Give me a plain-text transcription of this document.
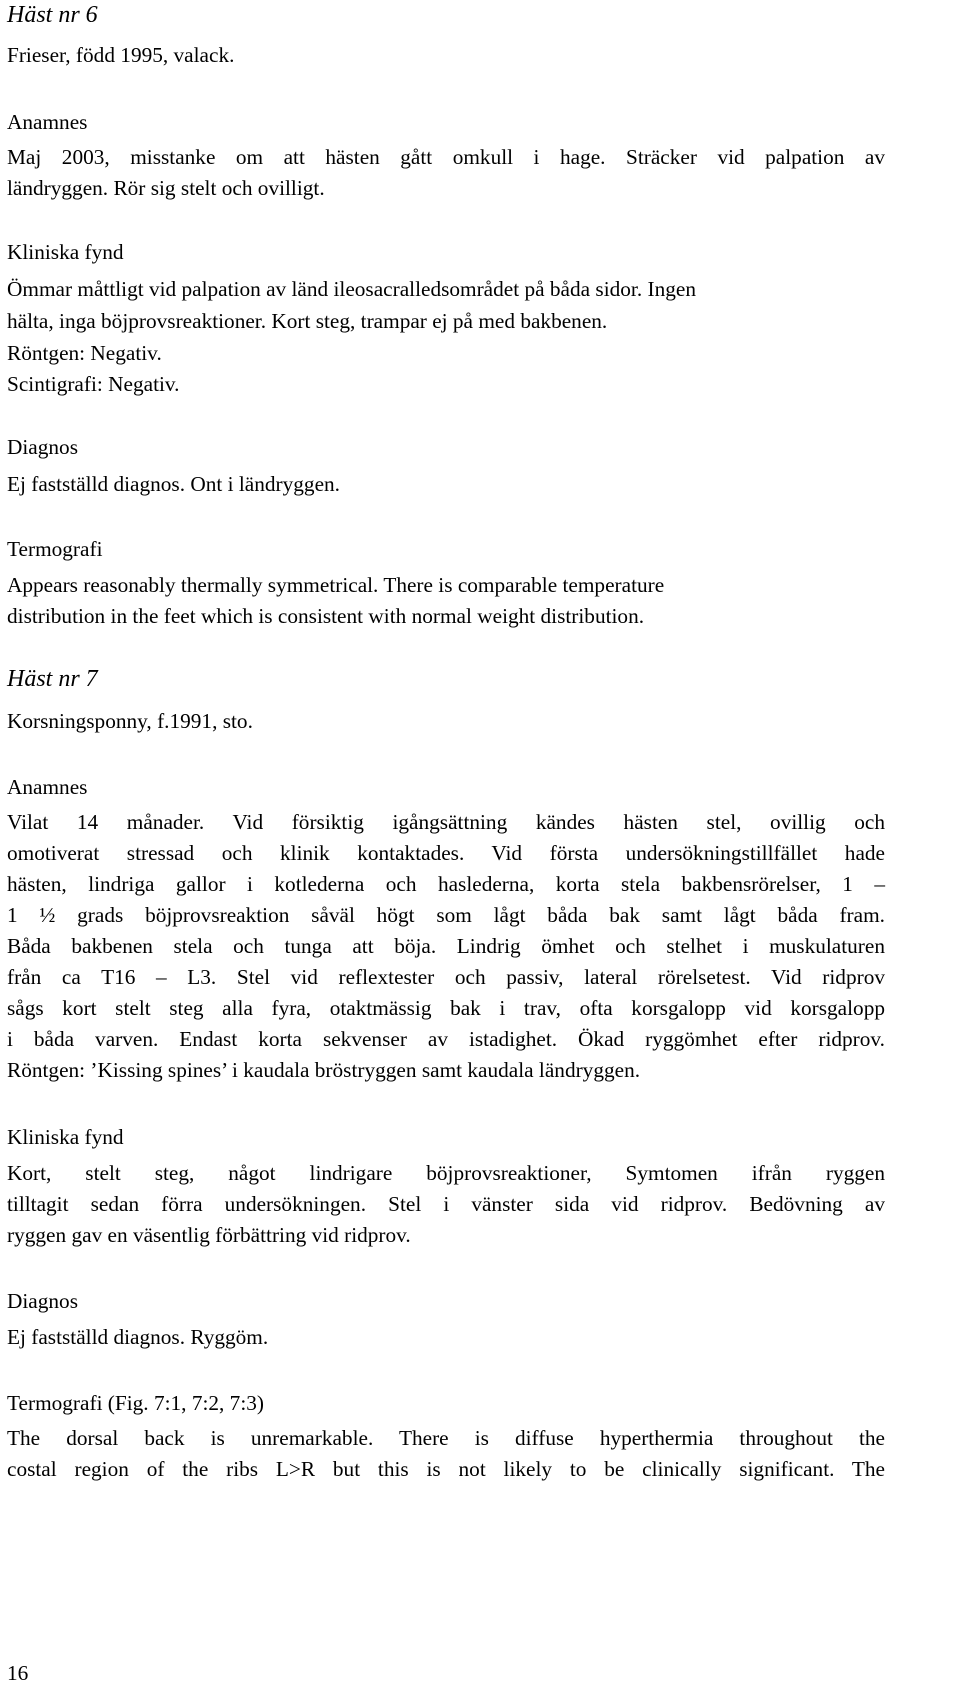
Häst nr 6
Frieser, född 1995, valack.
Anamnes
Maj 2003, misstanke om att hästen gått omkull i hage. Sträcker vid palpation av
ländryggen. Rör sig stelt och ovilligt.
Kliniska fynd
Ömmar måttligt vid palpation av länd ileosacralledsområdet på båda sidor. Ingen
hälta, inga böjprovsreaktioner. Kort steg, trampar ej på med bakbenen.
Röntgen: Negativ.
Scintigrafi: Negativ.
Diagnos
Ej fastställd diagnos. Ont i ländryggen.
Termografi
Appears reasonably thermally symmetrical. There is comparable temperature
distribution in the feet which is consistent with normal weight distribution.
Häst nr 7
Korsningsponny, f.1991, sto.
Anamnes
Vilat 14 månader. Vid försiktig igångsättning kändes hästen stel, ovillig och
omotiverat stressad och klinik kontaktades. Vid första undersökningstillfället hade
hästen, lindriga gallor i kotlederna och haslederna, korta stela bakbensrörelser, 1 –
1 ½ grads böjprovsreaktion såväl högt som lågt båda bak samt lågt båda fram.
Båda bakbenen stela och tunga att böja. Lindrig ömhet och stelhet i muskulaturen
från ca T16 – L3. Stel vid reflextester och passiv, lateral rörelsetest. Vid ridprov
sågs kort stelt steg alla fyra, otaktmässig bak i trav, ofta korsgalopp vid korsgalopp
i båda varven. Endast korta sekvenser av istadighet. Ökad ryggömhet efter ridprov.
Röntgen: ’Kissing spines’ i kaudala bröstryggen samt kaudala ländryggen.
Kliniska fynd
Kort, stelt steg, något lindrigare böjprovsreaktioner, Symtomen ifrån ryggen
tilltagit sedan förra undersökningen. Stel i vänster sida vid ridprov. Bedövning av
ryggen gav en väsentlig förbättring vid ridprov.
Diagnos
Ej fastställd diagnos. Ryggöm.
Termografi (Fig. 7:1, 7:2, 7:3)
The dorsal back is unremarkable. There is diffuse hyperthermia throughout the
costal region of the ribs L>R but this is not likely to be clinically significant. The
16
